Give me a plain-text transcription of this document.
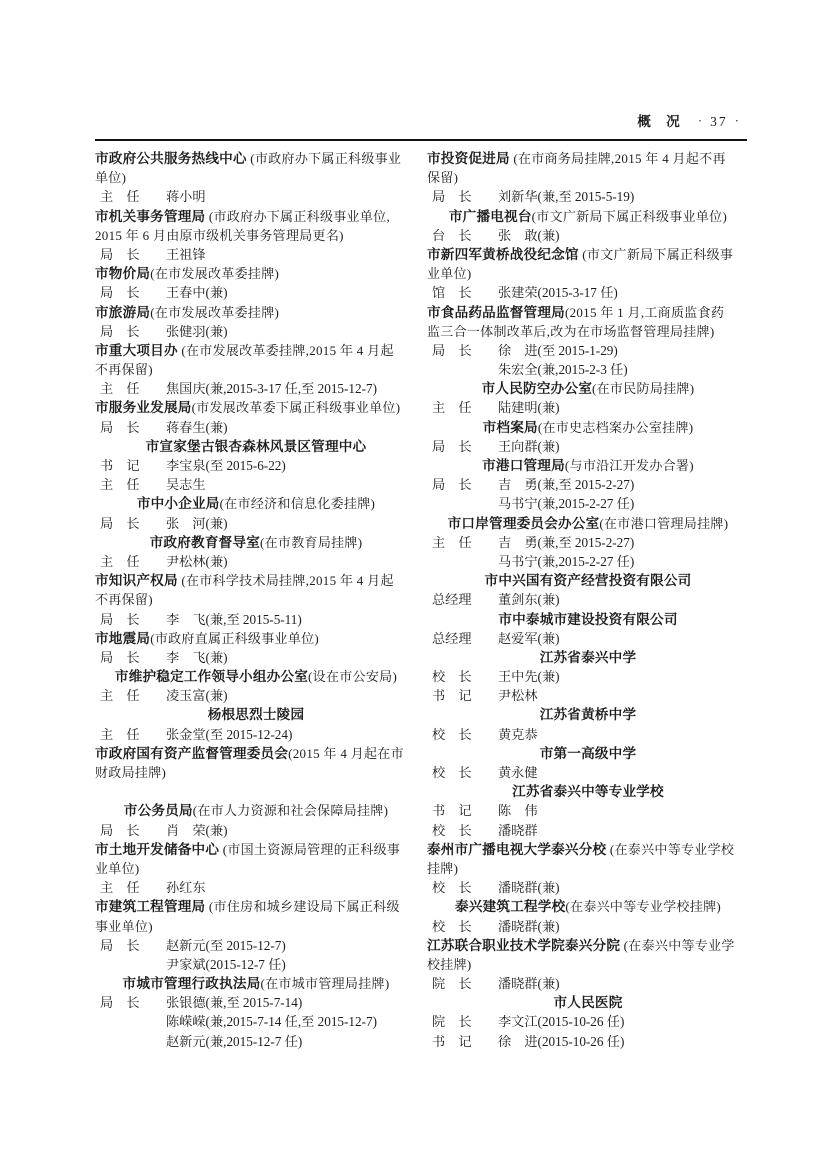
概　况 · 37 ·
市政府公共服务热线中心 (市政府办下属正科级事业
单位)
主　任 蒋小明
市机关事务管理局 (市政府办下属正科级事业单位,
2015 年 6 月由原市级机关事务管理局更名)
局　长 王祖锋
市物价局(在市发展改革委挂牌)
局　长 王春中(兼)
市旅游局(在市发展改革委挂牌)
局　长 张健羽(兼)
市重大项目办 (在市发展改革委挂牌,2015 年 4 月起
不再保留)
主　任 焦国庆(兼,2015-3-17 任,至 2015-12-7)
市服务业发展局(市发展改革委下属正科级事业单位)
局　长 蒋春生(兼)
市宣家堡古银杏森林风景区管理中心
书　记 李宝泉(至 2015-6-22)
主　任 吴志生
市中小企业局(在市经济和信息化委挂牌)
局　长 张　河(兼)
市政府教育督导室(在市教育局挂牌)
主　任 尹松林(兼)
市知识产权局 (在市科学技术局挂牌,2015 年 4 月起
不再保留)
局　长 李　飞(兼,至 2015-5-11)
市地震局(市政府直属正科级事业单位)
局　长 李　飞(兼)
市维护稳定工作领导小组办公室(设在市公安局)
主　任 凌玉富(兼)
杨根思烈士陵园
主　任 张金堂(至 2015-12-24)
市政府国有资产监督管理委员会(2015 年 4 月起在市
财政局挂牌)
市公务员局(在市人力资源和社会保障局挂牌)
局　长 肖　荣(兼)
市土地开发储备中心 (市国土资源局管理的正科级事
业单位)
主　任 孙红东
市建筑工程管理局 (市住房和城乡建设局下属正科级
事业单位)
局　长 赵新元(至 2015-12-7)
尹家斌(2015-12-7 任)
市城市管理行政执法局(在市城市管理局挂牌)
局　长 张银德(兼,至 2015-7-14)
陈嵘嵘(兼,2015-7-14 任,至 2015-12-7)
赵新元(兼,2015-12-7 任)
市投资促进局 (在市商务局挂牌,2015 年 4 月起不再
保留)
局　长 刘新华(兼,至 2015-5-19)
市广播电视台(市文广新局下属正科级事业单位)
台　长 张　敢(兼)
市新四军黄桥战役纪念馆 (市文广新局下属正科级事
业单位)
馆　长 张建荣(2015-3-17 任)
市食品药品监督管理局(2015 年 1 月,工商质监食药
监三合一体制改革后,改为在市场监督管理局挂牌)
局　长 徐　进(至 2015-1-29)
朱宏全(兼,2015-2-3 任)
市人民防空办公室(在市民防局挂牌)
主　任 陆建明(兼)
市档案局(在市史志档案办公室挂牌)
局　长 王向群(兼)
市港口管理局(与市沿江开发办合署)
局　长 吉　勇(兼,至 2015-2-27)
马书宁(兼,2015-2-27 任)
市口岸管理委员会办公室(在市港口管理局挂牌)
主　任 吉　勇(兼,至 2015-2-27)
马书宁(兼,2015-2-27 任)
市中兴国有资产经营投资有限公司
总经理 董剑东(兼)
市中泰城市建设投资有限公司
总经理 赵爱军(兼)
江苏省泰兴中学
校　长 王中先(兼)
书　记 尹松林
江苏省黄桥中学
校　长 黄克恭
市第一高级中学
校　长 黄永健
江苏省泰兴中等专业学校
书　记 陈　伟
校　长 潘晓群
泰州市广播电视大学泰兴分校 (在泰兴中等专业学校
挂牌)
校　长 潘晓群(兼)
泰兴建筑工程学校(在泰兴中等专业学校挂牌)
校　长 潘晓群(兼)
江苏联合职业技术学院泰兴分院 (在泰兴中等专业学
校挂牌)
院　长 潘晓群(兼)
市人民医院
院　长 李文江(2015-10-26 任)
书　记 徐　进(2015-10-26 任)
